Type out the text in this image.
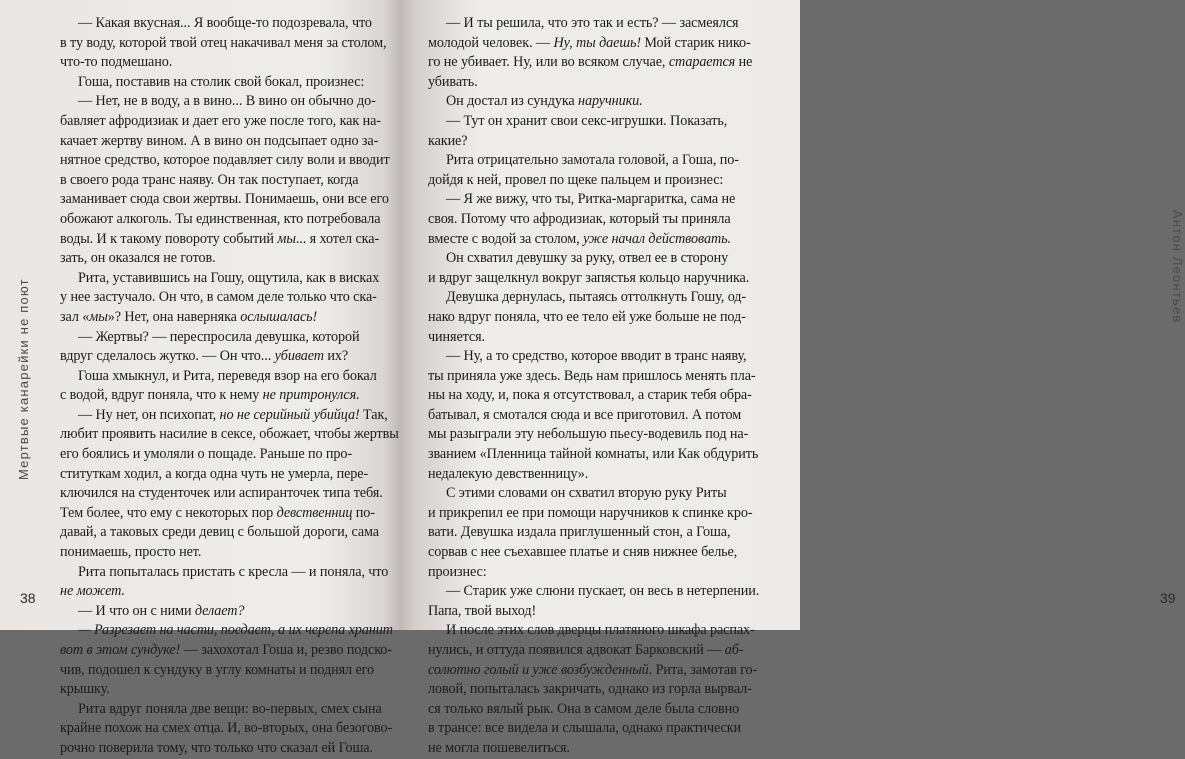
Мертвые канарейки не поют
— Какая вкусная... Я вообще-то подозревала, что
в ту воду, которой твой отец накачивал меня за столом,
что-то подмешано.
Гоша, поставив на столик свой бокал, произнес:
— Нет, не в воду, а в вино... В вино он обычно до-
бавляет афродизиак и дает его уже после того, как на-
качает жертву вином. А в вино он подсыпает одно за-
нятное средство, которое подавляет силу воли и вводит
в своего рода транс наяву. Он так поступает, когда
заманивает сюда свои жертвы. Понимаешь, они все его
обожают алкоголь. Ты единственная, кто потребовала
воды. И к такому повороту событий мы... я хотел ска-
зать, он оказался не готов.
Рита, уставившись на Гошу, ощутила, как в висках
у нее застучало. Он что, в самом деле только что ска-
зал «мы»? Нет, она наверняка ослышалась!
— Жертвы? — переспросила девушка, которой
вдруг сделалось жутко. — Он что... убивает их?
Гоша хмыкнул, и Рита, переведя взор на его бокал
с водой, вдруг поняла, что к нему не притронулся.
— Ну нет, он психопат, но не серийный убийца! Так,
любит проявить насилие в сексе, обожает, чтобы жертвы
его боялись и умоляли о пощаде. Раньше по про-
ституткам ходил, а когда одна чуть не умерла, пере-
ключился на студенточек или аспиранточек типа тебя.
Тем более, что ему с некоторых пор девственниц по-
давай, а таковых среди девиц с большой дороги, сама
понимаешь, просто нет.
Рита попыталась пристать с кресла — и поняла, что
не может.
— И что он с ними делает?
— Разрезает на части, поедает, а их черепа хранит
вот в этом сундуке! — захохотал Гоша и, резво подско-
чив, подошел к сундуку в углу комнаты и поднял его
крышку.
Рита вдруг поняла две вещи: во-первых, смех сына
крайне похож на смех отца. И, во-вторых, она безогово-
рочно поверила тому, что только что сказал ей Гоша.
38
Антон Леонтьев
39
— И ты решила, что это так и есть? — засмеялся
молодой человек. — Ну, ты даешь! Мой старик нико-
го не убивает. Ну, или во всяком случае, старается не
убивать.
Он достал из сундука наручники.
— Тут он хранит свои секс-игрушки. Показать,
какие?
Рита отрицательно замотала головой, а Гоша, по-
дойдя к ней, провел по щеке пальцем и произнес:
— Я же вижу, что ты, Ритка-маргаритка, сама не
своя. Потому что афродизиак, который ты приняла
вместе с водой за столом, уже начал действовать.
Он схватил девушку за руку, отвел ее в сторону
и вдруг защелкнул вокруг запястья кольцо наручника.
Девушка дернулась, пытаясь оттолкнуть Гошу, од-
нако вдруг поняла, что ее тело ей уже больше не под-
чиняется.
— Ну, а то средство, которое вводит в транс наяву,
ты приняла уже здесь. Ведь нам пришлось менять пла-
ны на ходу, и, пока я отсутствовал, а старик тебя обра-
батывал, я смотался сюда и все приготовил. А потом
мы разыграли эту небольшую пьесу-водевиль под на-
званием «Пленница тайной комнаты, или Как обдурить
недалекую девственницу».
С этими словами он схватил вторую руку Риты
и прикрепил ее при помощи наручников к спинке кро-
вати. Девушка издала приглушенный стон, а Гоша,
сорвав с нее съехавшее платье и сняв нижнее белье,
произнес:
— Старик уже слюни пускает, он весь в нетерпении.
Папа, твой выход!
И после этих слов дверцы платяного шкафа распах-
нулись, и оттуда появился адвокат Барковский — аб-
солютно голый и уже возбужденный. Рита, замотав го-
ловой, попыталась закричать, однако из горла вырвал-
ся только вялый рык. Она в самом деле была словно
в трансе: все видела и слышала, однако практически
не могла пошевелиться.
